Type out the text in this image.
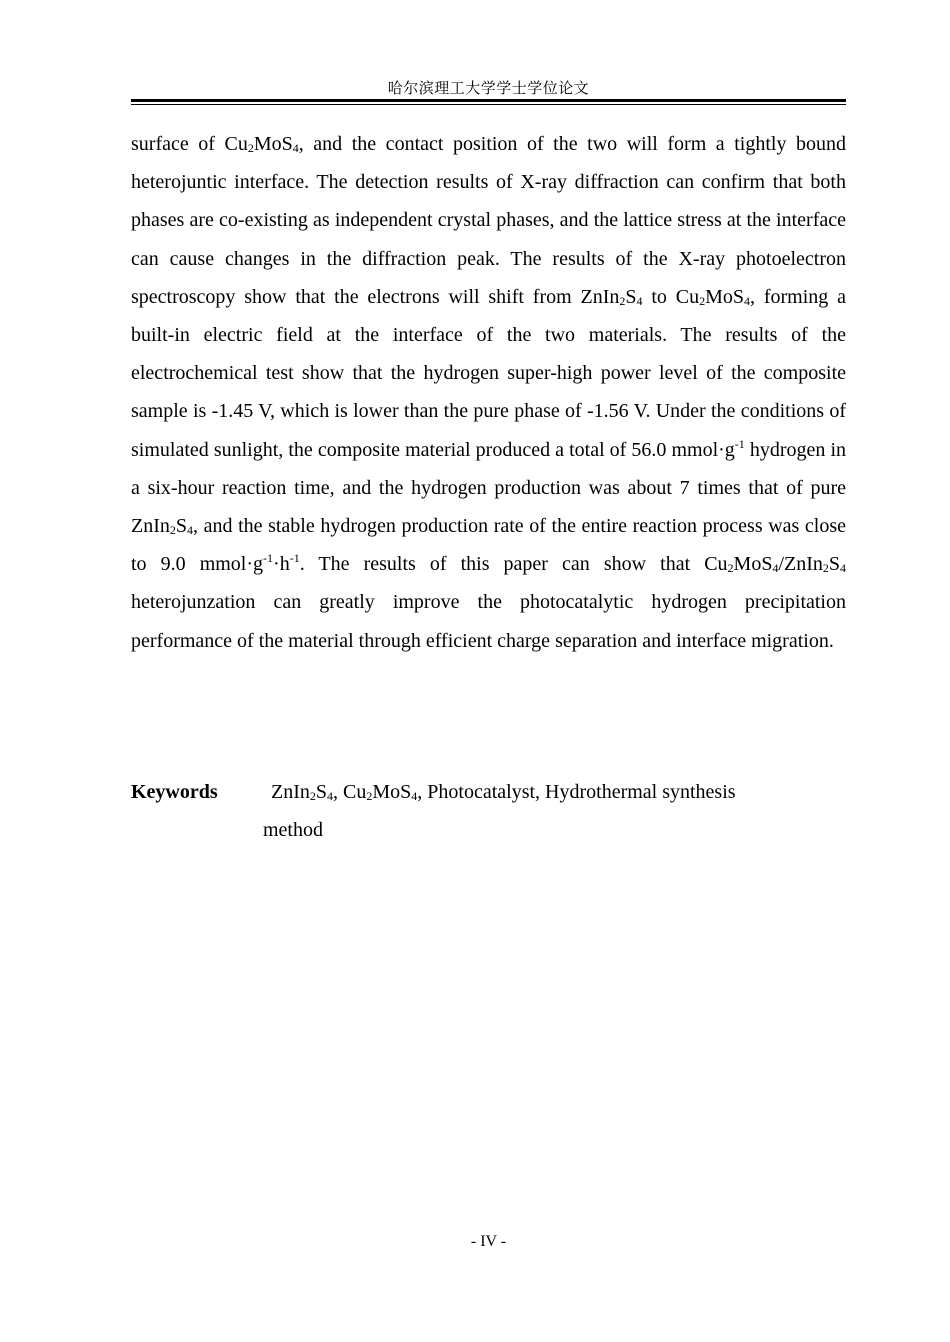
哈尔滨理工大学学士学位论文

surface of $Cu_2MoS_4$, and the contact position of the two will form a tightly bound heterojuntic interface. The detection results of X-ray diffraction can confirm that both phases are co-existing as independent crystal phases, and the lattice stress at the interface can cause changes in the diffraction peak. The results of the X-ray photoelectron spectroscopy show that the electrons will shift from $ZnIn_2S_4$ to $Cu_2MoS_4$, forming a built-in electric field at the interface of the two materials. The results of the electrochemical test show that the hydrogen super-high power level of the composite sample is -1.45 V, which is lower than the pure phase of -1.56 V. Under the conditions of simulated sunlight, the composite material produced a total of 56.0 $mmol\cdot g^{-1}$ hydrogen in a six-hour reaction time, and the hydrogen production was about 7 times that of pure $ZnIn_2S_4$, and the stable hydrogen production rate of the entire reaction process was close to 9.0 $mmol\cdot g^{-1}\cdot h^{-1}$. The results of this paper can show that $Cu_2MoS_4/ZnIn_2S_4$ heterojunzation can greatly improve the photocatalytic hydrogen precipitation performance of the material through efficient charge separation and interface migration.

Keywords	$ZnIn_2S_4$, $Cu_2MoS_4$, Photocatalyst, Hydrothermal synthesis
method
- IV -
